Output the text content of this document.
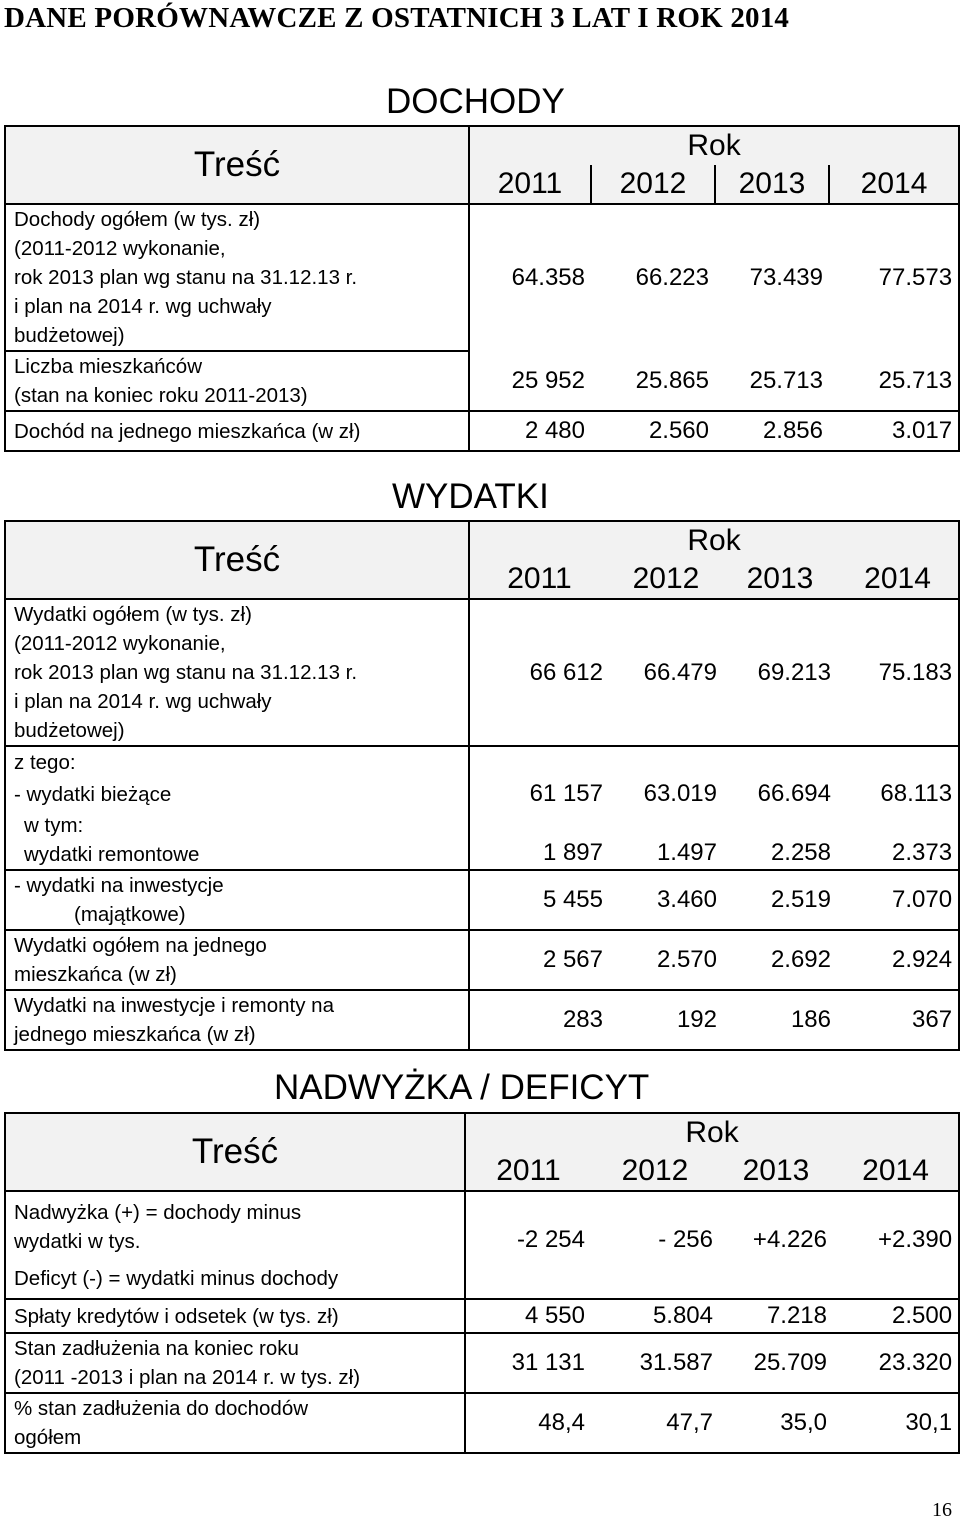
DANE PORÓWNAWCZE Z OSTATNICH 3 LAT I ROK 2014
DOCHODY
Treść	Rok			
	2011	2012	2013	2014

Dochody ogółem (w tys. zł)
(2011-2012 wykonanie,
rok 2013 plan wg stanu na 31.12.13 r.
i plan na 2014 r. wg uchwały
budżetowej)	64.358	66.223	73.439	77.573

Liczba mieszkańców
(stan na koniec roku 2011-2013)	25 952	25.865	25.713	25.713
Dochód na jednego mieszkańca (w zł)	2 480	2.560	2.856	3.017
WYDATKI
Treść	Rok			
	2011	2012	2013	2014

Wydatki ogółem (w tys. zł)
(2011-2012 wykonanie,
rok 2013 plan wg stanu na 31.12.13 r.
i plan na 2014 r. wg uchwały
budżetowej)	66 612	66.479	69.213	75.183
z tego:				
- wydatki bieżące	61 157	63.019	66.694	68.113

w tym:
wydatki remontowe	1 897	1.497	2.258	2.373

- wydatki na inwestycje
(majątkowe)	5 455	3.460	2.519	7.070

Wydatki ogółem na jednego
mieszkańca (w zł)	2 567	2.570	2.692	2.924

Wydatki na inwestycje i remonty na
jednego mieszkańca (w zł)	283	192	186	367
NADWYŻKA / DEFICYT
Treść	Rok			
	2011	2012	2013	2014

Nadwyżka (+) = dochody minus
wydatki w tys.
Deficyt (-) = wydatki minus dochody	-2 254	- 256	+4.226	+2.390
Spłaty kredytów i odsetek (w tys. zł)	4 550	5.804	7.218	2.500

Stan zadłużenia na koniec roku
(2011 -2013 i plan na 2014 r. w tys. zł)	31 131	31.587	25.709	23.320

% stan zadłużenia do dochodów
ogółem	48,4	47,7	35,0	30,1
16
